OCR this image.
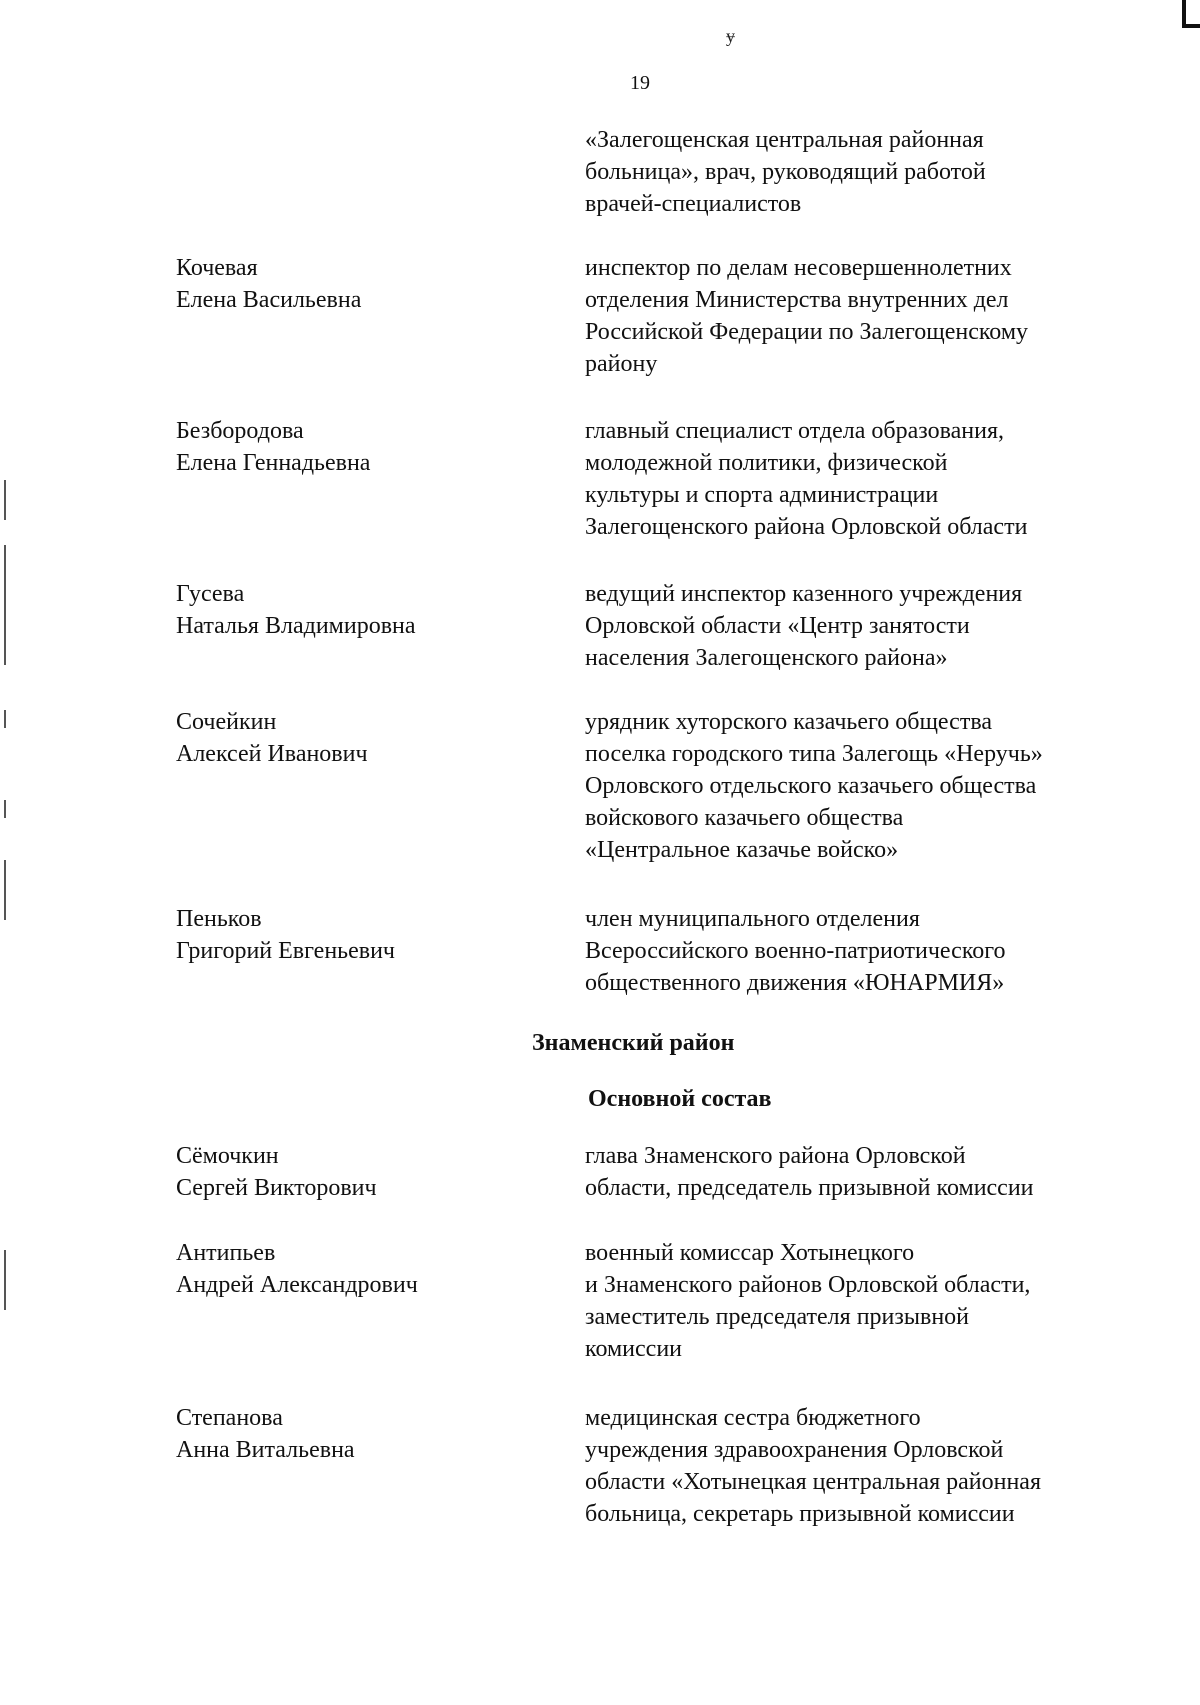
ɏ
19
«Залегощенская центральная районная
больница», врач, руководящий работой
врачей-специалистов
Кочевая
Елена Васильевна
инспектор по делам несовершеннолетних
отделения Министерства внутренних дел
Российской Федерации по Залегощенскому
району
Безбородова
Елена Геннадьевна
главный специалист отдела образования,
молодежной политики, физической
культуры и спорта администрации
Залегощенского района Орловской области
Гусева
Наталья Владимировна
ведущий инспектор казенного учреждения
Орловской области «Центр занятости
населения Залегощенского района»
Сочейкин
Алексей Иванович
урядник хуторского казачьего общества
поселка городского типа Залегощь «Неручь»
Орловского отдельского казачьего общества
войскового казачьего общества
«Центральное казачье войско»
Пеньков
Григорий Евгеньевич
член муниципального отделения
Всероссийского военно-патриотического
общественного движения «ЮНАРМИЯ»
Знаменский район
Основной состав
Сёмочкин
Сергей Викторович
глава Знаменского района Орловской
области, председатель призывной комиссии
Антипьев
Андрей Александрович
военный комиссар Хотынецкого
и Знаменского районов Орловской области,
заместитель председателя призывной
комиссии
Степанова
Анна Витальевна
медицинская сестра бюджетного
учреждения здравоохранения Орловской
области «Хотынецкая центральная районная
больница, секретарь призывной комиссии
